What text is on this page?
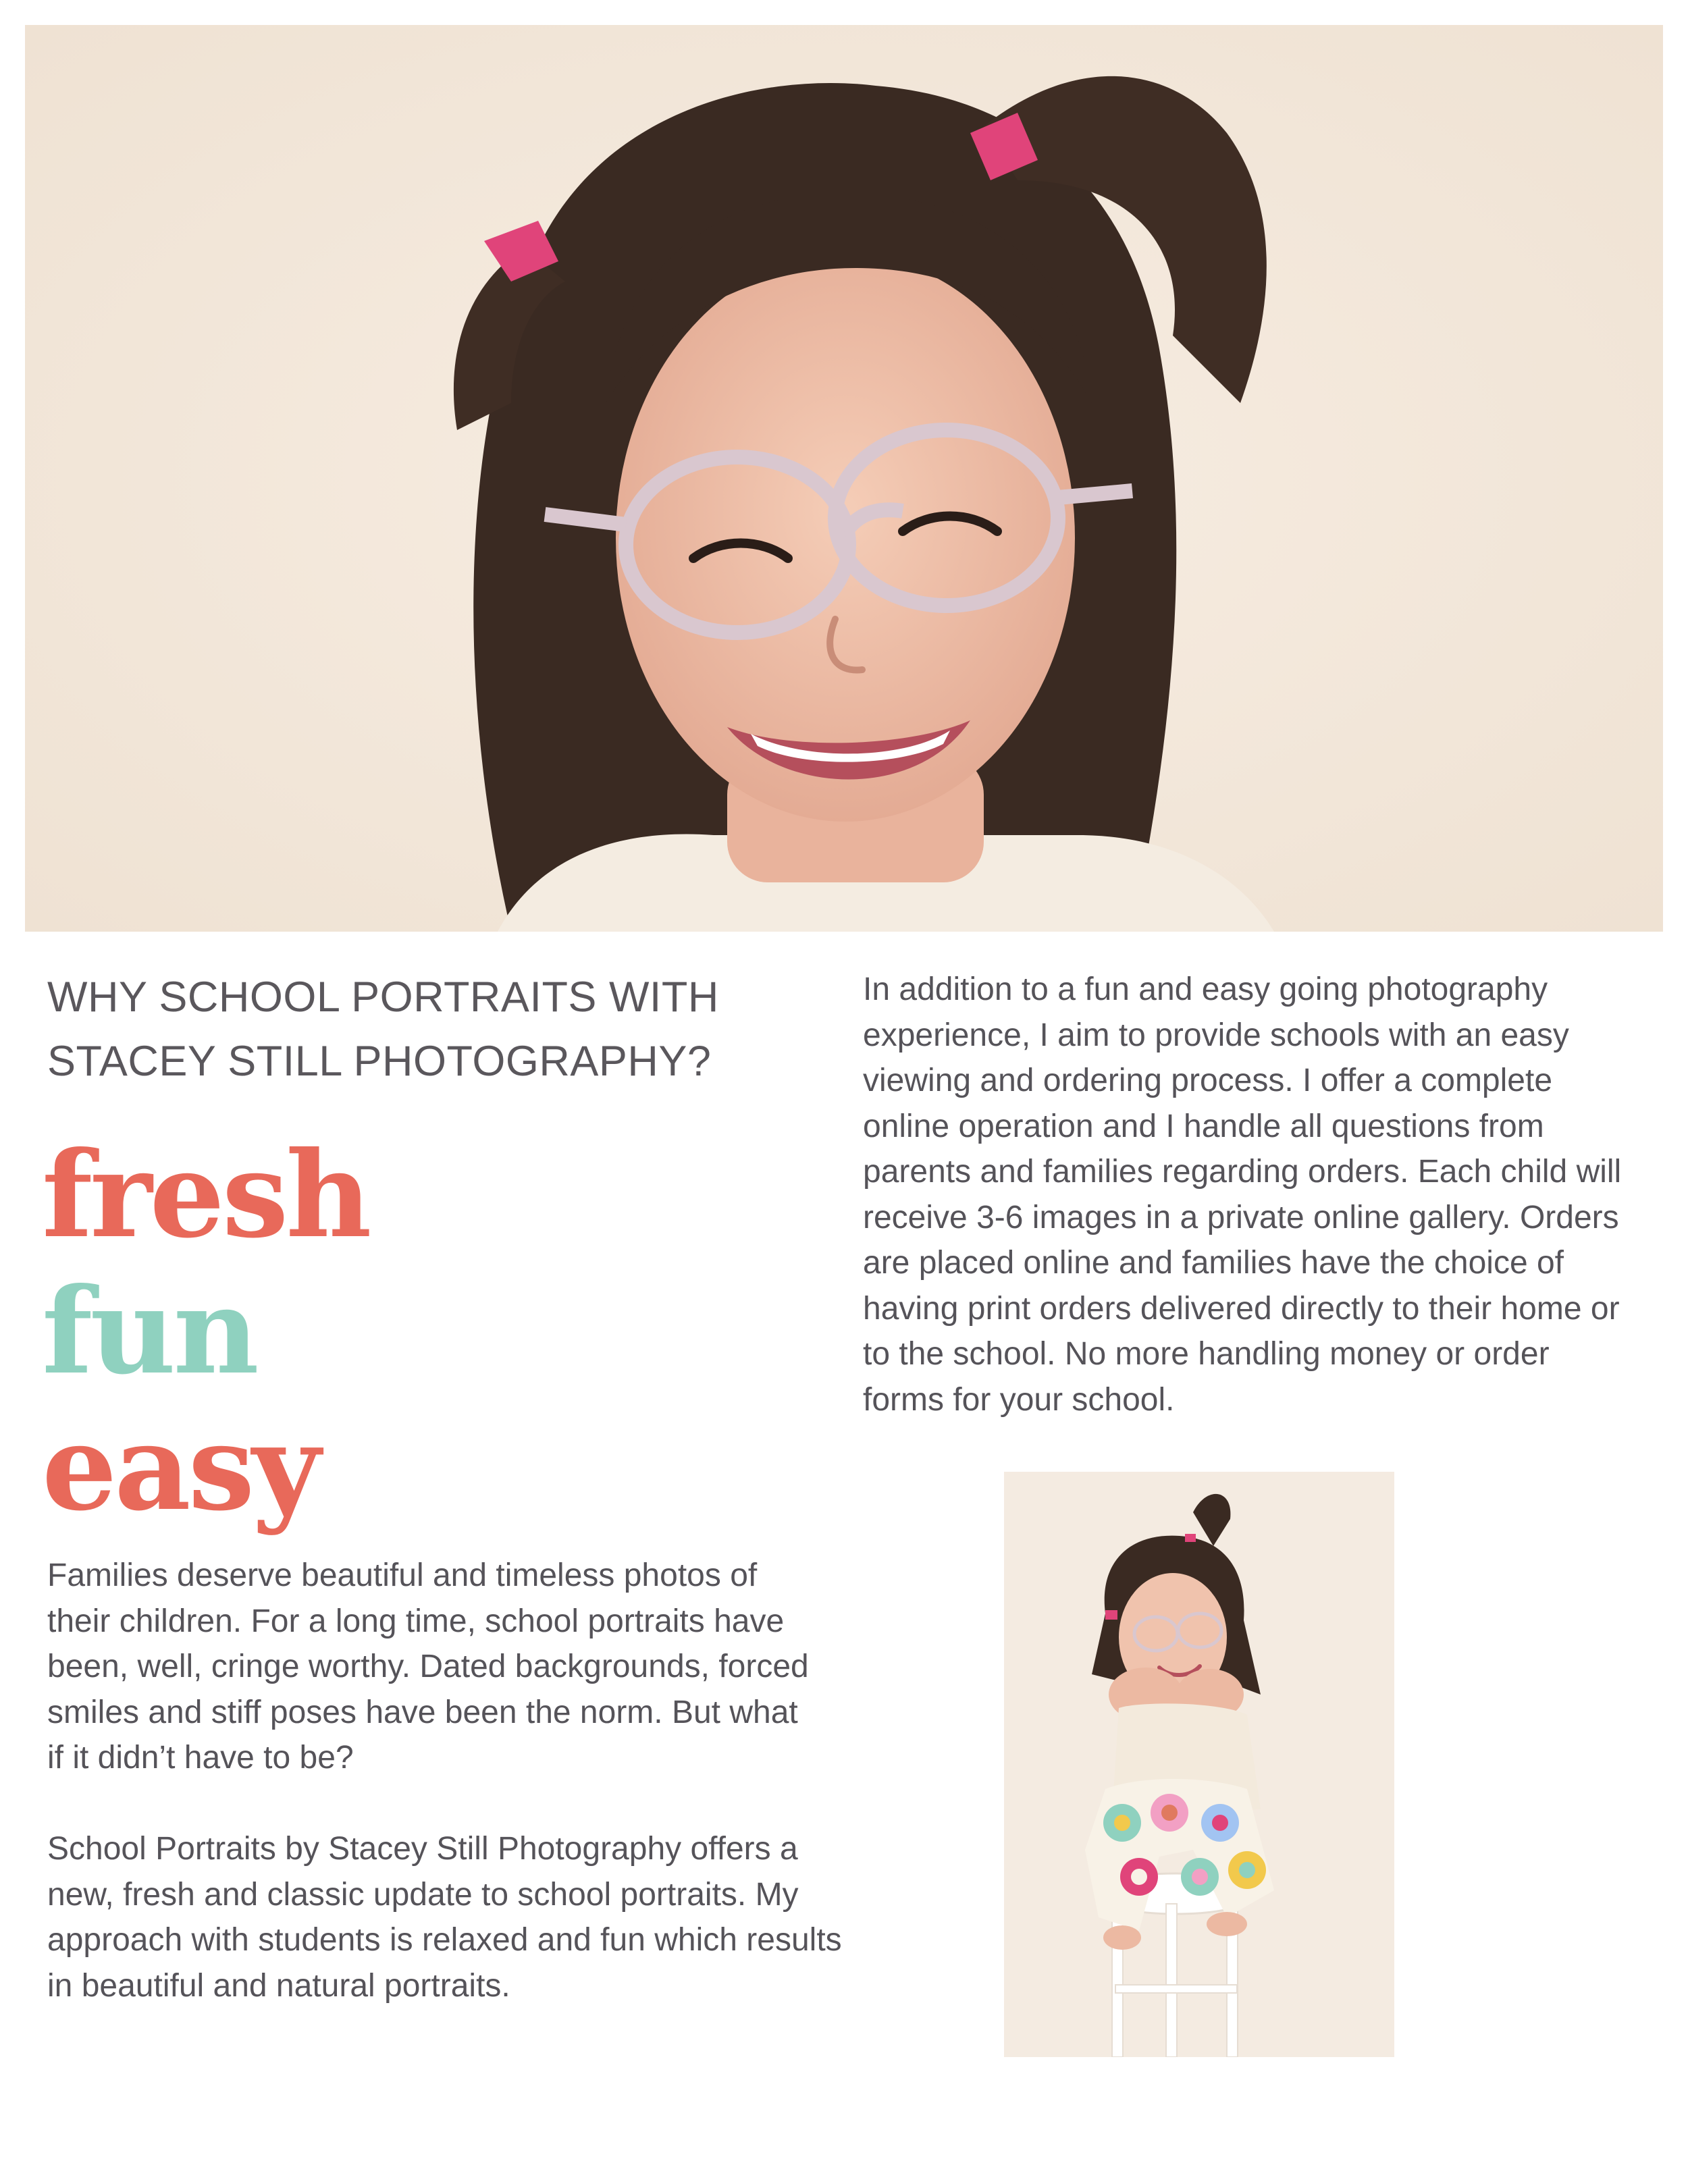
WHY SCHOOL PORTRAITS WITH
STACEY STILL PHOTOGRAPHY?
fresh
fun
easy

Families deserve beautiful and timeless photos of their children. For a long time, school portraits have been, well, cringe worthy. Dated backgrounds, forced smiles and stiff poses have been the norm. But what if it didn’t have to be?

School Portraits by Stacey Still Photography offers a new, fresh and classic update to school portraits. My approach with students is relaxed and fun which results in beautiful and natural portraits.

In addition to a fun and easy going photography experience, I aim to provide schools with an easy viewing and ordering process. I offer a complete online operation and I handle all questions from parents and families regarding orders. Each child will receive 3-6 images in a private online gallery. Orders are placed online and families have the choice of having print orders delivered directly to their home or to the school. No more handling money or order forms for your school.
